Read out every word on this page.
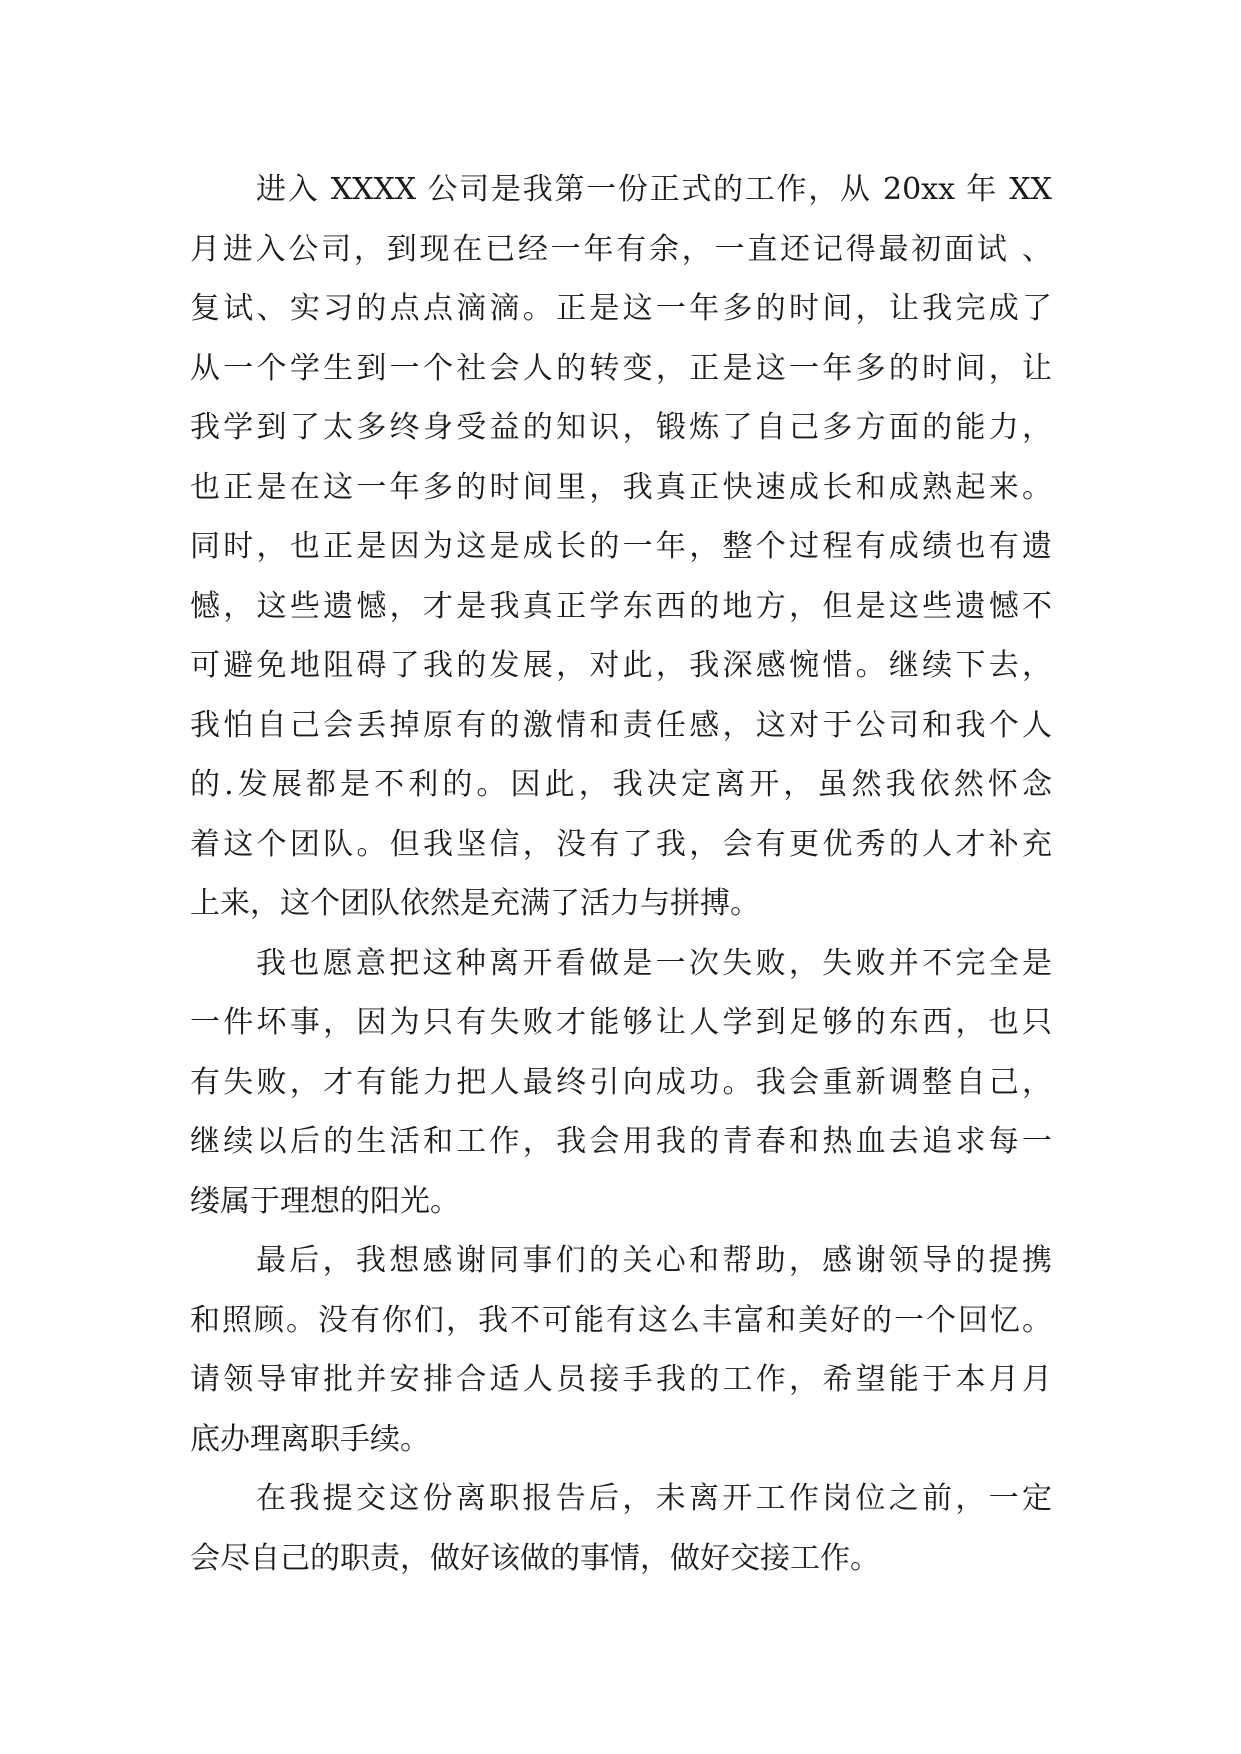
进入 XXXX 公司是我第一份正式的工作，从 20xx 年 XX
月进入公司，到现在已经一年有余，一直还记得最初面试 、
复试、实习的点点滴滴。正是这一年多的时间，让我完成了
从一个学生到一个社会人的转变，正是这一年多的时间，让
我学到了太多终身受益的知识，锻炼了自己多方面的能力，
也正是在这一年多的时间里，我真正快速成长和成熟起来。
同时，也正是因为这是成长的一年，整个过程有成绩也有遗
憾，这些遗憾，才是我真正学东西的地方，但是这些遗憾不
可避免地阻碍了我的发展，对此，我深感惋惜。继续下去，
我怕自己会丢掉原有的激情和责任感，这对于公司和我个人
的.发展都是不利的。因此，我决定离开，虽然我依然怀念
着这个团队。但我坚信，没有了我，会有更优秀的人才补充
上来，这个团队依然是充满了活力与拼搏。

我也愿意把这种离开看做是一次失败，失败并不完全是
一件坏事，因为只有失败才能够让人学到足够的东西，也只
有失败，才有能力把人最终引向成功。我会重新调整自己，
继续以后的生活和工作，我会用我的青春和热血去追求每一
缕属于理想的阳光。

最后，我想感谢同事们的关心和帮助，感谢领导的提携
和照顾。没有你们，我不可能有这么丰富和美好的一个回忆。
请领导审批并安排合适人员接手我的工作，希望能于本月月
底办理离职手续。

在我提交这份离职报告后，未离开工作岗位之前，一定
会尽自己的职责，做好该做的事情，做好交接工作。
